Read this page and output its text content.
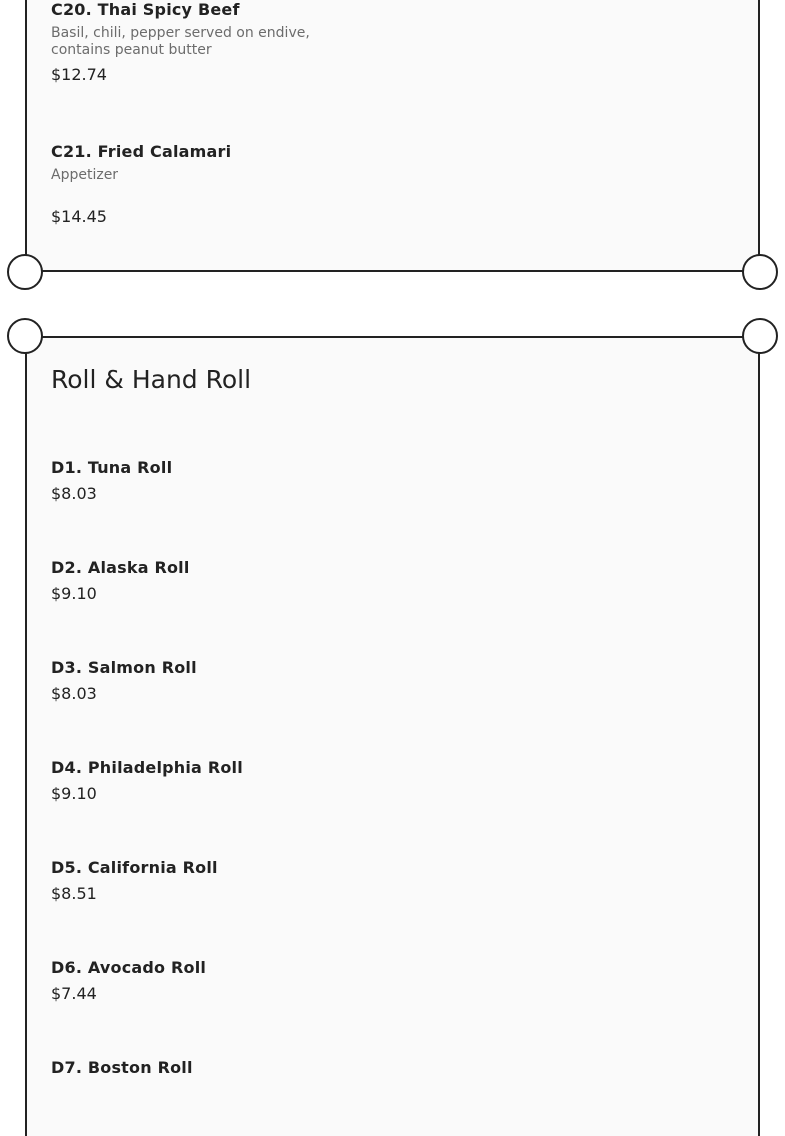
C20. Thai Spicy Beef
Basil, chili, pepper served on endive, contains peanut butter
$12.74
C21. Fried Calamari
Appetizer
$14.45
Roll & Hand Roll
D1. Tuna Roll
$8.03
D2. Alaska Roll
$9.10
D3. Salmon Roll
$8.03
D4. Philadelphia Roll
$9.10
D5. California Roll
$8.51
D6. Avocado Roll
$7.44
D7. Boston Roll
